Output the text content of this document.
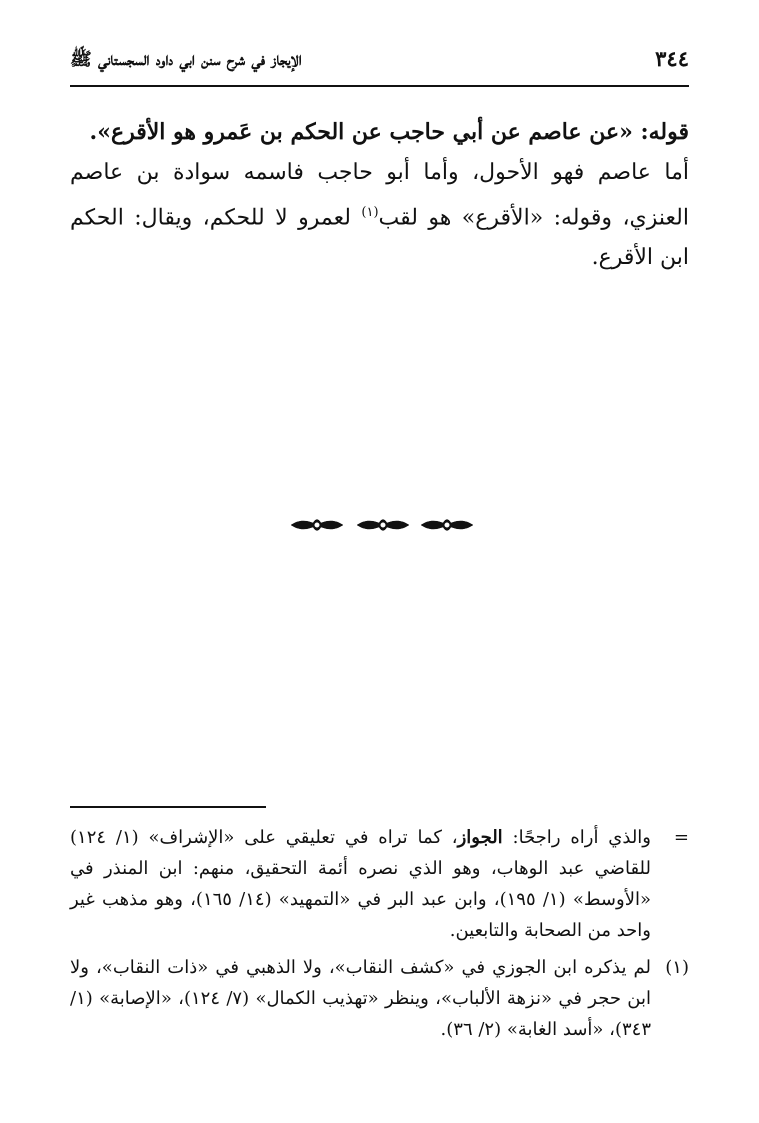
٣٤٤
الإيجاز في شرح سنن ابي داود السجستاني ﷺ

قوله: «عن عاصم عن أبي حاجب عن الحكم بن عَمرو هو الأقرع».

أما عاصم فهو الأحول، وأما أبو حاجب فاسمه سوادة بن عاصم العنزي، وقوله: «الأقرع» هو لقب$^{(١)}$ لعمرو لا للحكم، ويقال: الحكم ابن الأقرع.

=
والذي أراه راجحًا: الجواز، كما تراه في تعليقي على «الإشراف» (١/ ١٢٤) للقاضي عبد الوهاب، وهو الذي نصره أئمة التحقيق، منهم: ابن المنذر في «الأوسط» (١/ ١٩٥)، وابن عبد البر في «التمهيد» (١٤/ ١٦٥)، وهو مذهب غير واحد من الصحابة والتابعين.

(١)
لم يذكره ابن الجوزي في «كشف النقاب»، ولا الذهبي في «ذات النقاب»، ولا ابن حجر في «نزهة الألباب»، وينظر «تهذيب الكمال» (٧/ ١٢٤)، «الإصابة» (١/ ٣٤٣)، «أسد الغابة» (٢/ ٣٦).
